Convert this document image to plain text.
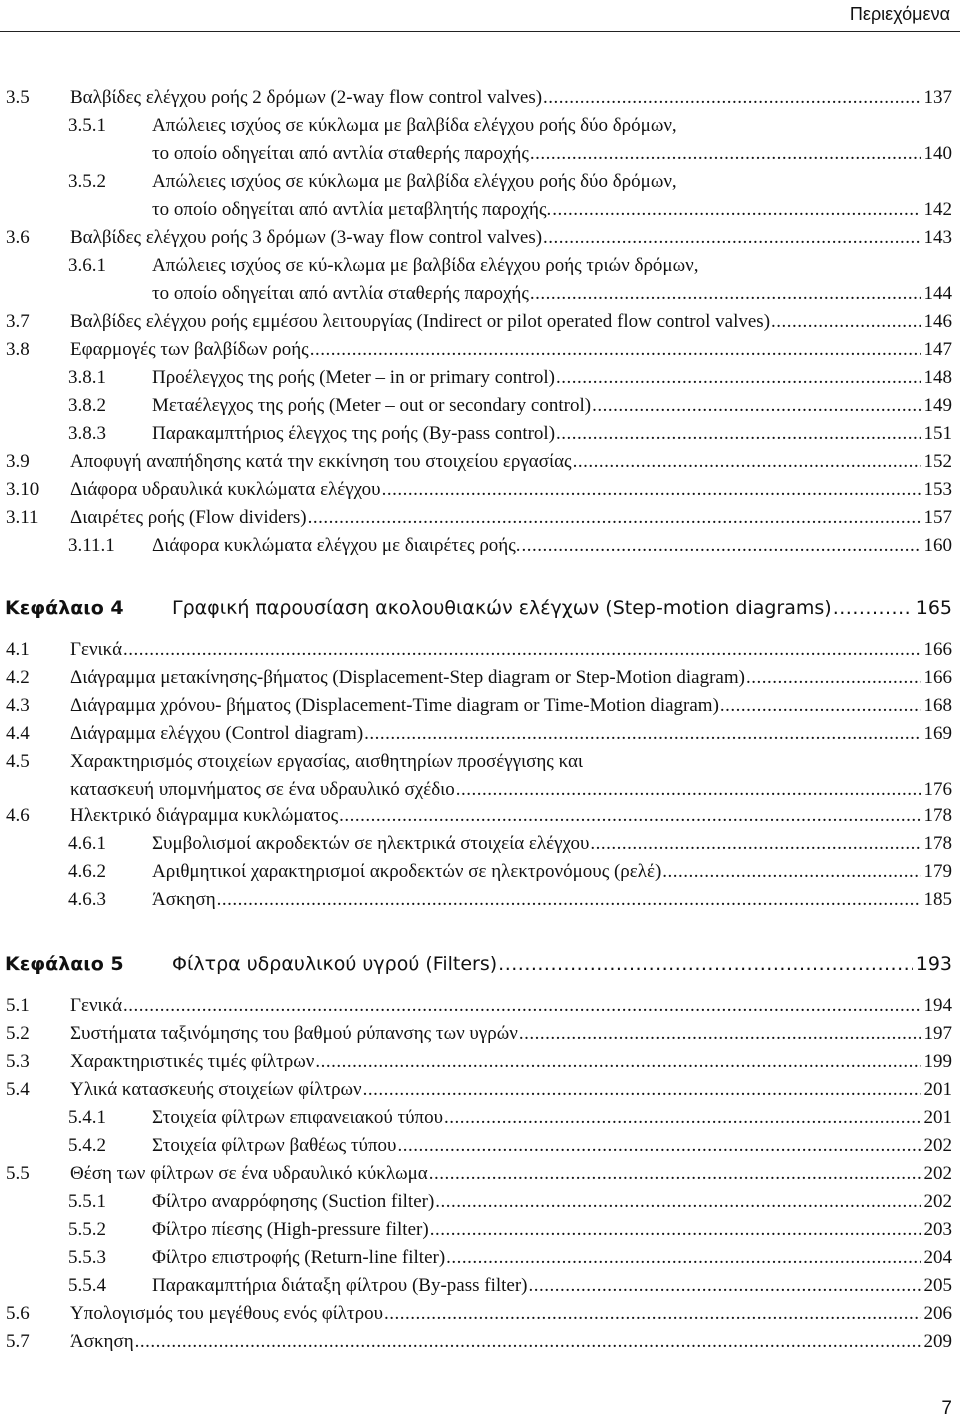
Περιεχόμενα
3.5 Βαλβίδες ελέγχου ροής 2 δρόμων (2-way flow control valves) .....	137
3.5.1 Απώλειες ισχύος σε κύκλωμα με βαλβίδα ελέγχου ροής δύο δρόμων,
το οποίο οδηγείται από αντλία σταθερής παροχής .....	140
3.5.2 Απώλειες ισχύος σε κύκλωμα με βαλβίδα ελέγχου ροής δύο δρόμων,
το οποίο οδηγείται από αντλία μεταβλητής παροχής. .....	142
3.6 Βαλβίδες ελέγχου ροής 3 δρόμων (3-way flow control valves) .....	143
3.6.1 Απώλειες ισχύος σε κύ-κλωμα με βαλβίδα ελέγχου ροής τριών δρόμων,
το οποίο οδηγείται από αντλία σταθερής παροχής .....	144
3.7 Βαλβίδες ελέγχου ροής εμμέσου λειτουργίας (Indirect or pilot operated flow control valves) .....	146
3.8 Εφαρμογές των βαλβίδων ροής .....	147
3.8.1 Προέλεγχος της ροής (Meter – in or primary control) .....	148
3.8.2 Μεταέλεγχος της ροής (Meter – out or secondary control) .....	149
3.8.3 Παρακαμπτήριος έλεγχος της ροής (By-pass control) .....	151
3.9 Αποφυγή αναπήδησης κατά την εκκίνηση του στοιχείου εργασίας .....	152
3.10 Διάφορα υδραυλικά κυκλώματα ελέγχου .....	153
3.11 Διαιρέτες ροής (Flow dividers) .....	157
3.11.1 Διάφορα κυκλώματα ελέγχου με διαιρέτες ροής. .....	160
Κεφάλαιο 4	Γραφική παρουσίαση ακολουθιακών ελέγχων (Step-motion diagrams) .....	165
4.1 Γενικά .....	166
4.2 Διάγραμμα μετακίνησης-βήματος (Displacement-Step diagram or Step-Motion diagram) .....	166
4.3 Διάγραμμα χρόνου- βήματος (Displacement-Time diagram or Time-Motion diagram) .....	168
4.4 Διάγραμμα ελέγχου (Control diagram) .....	169
4.5 Χαρακτηρισμός στοιχείων εργασίας, αισθητηρίων προσέγγισης και
κατασκευή υπομνήματος σε ένα υδραυλικό σχέδιο .....	176
4.6 Ηλεκτρικό διάγραμμα κυκλώματος .....	178
4.6.1 Συμβολισμοί ακροδεκτών σε ηλεκτρικά στοιχεία ελέγχου .....	178
4.6.2 Αριθμητικοί χαρακτηρισμοί ακροδεκτών σε ηλεκτρονόμους (ρελέ) .....	179
4.6.3 Άσκηση .....	185
Κεφάλαιο 5	Φίλτρα υδραυλικού υγρού (Filters) .....	193
5.1 Γενικά .....	194
5.2 Συστήματα ταξινόμησης του βαθμού ρύπανσης των υγρών .....	197
5.3 Χαρακτηριστικές τιμές φίλτρων .....	199
5.4 Υλικά κατασκευής στοιχείων φίλτρων .....	201
5.4.1 Στοιχεία φίλτρων επιφανειακού τύπου .....	201
5.4.2 Στοιχεία φίλτρων βαθέως τύπου .....	202
5.5 Θέση των φίλτρων σε ένα υδραυλικό κύκλωμα .....	202
5.5.1 Φίλτρο αναρρόφησης (Suction filter) .....	202
5.5.2 Φίλτρο πίεσης (High-pressure filter) .....	203
5.5.3 Φίλτρο επιστροφής (Return-line filter) .....	204
5.5.4 Παρακαμπτήρια διάταξη φίλτρου (By-pass filter) .....	205
5.6 Υπολογισμός του μεγέθους ενός φίλτρου .....	206
5.7 Άσκηση .....	209
7
